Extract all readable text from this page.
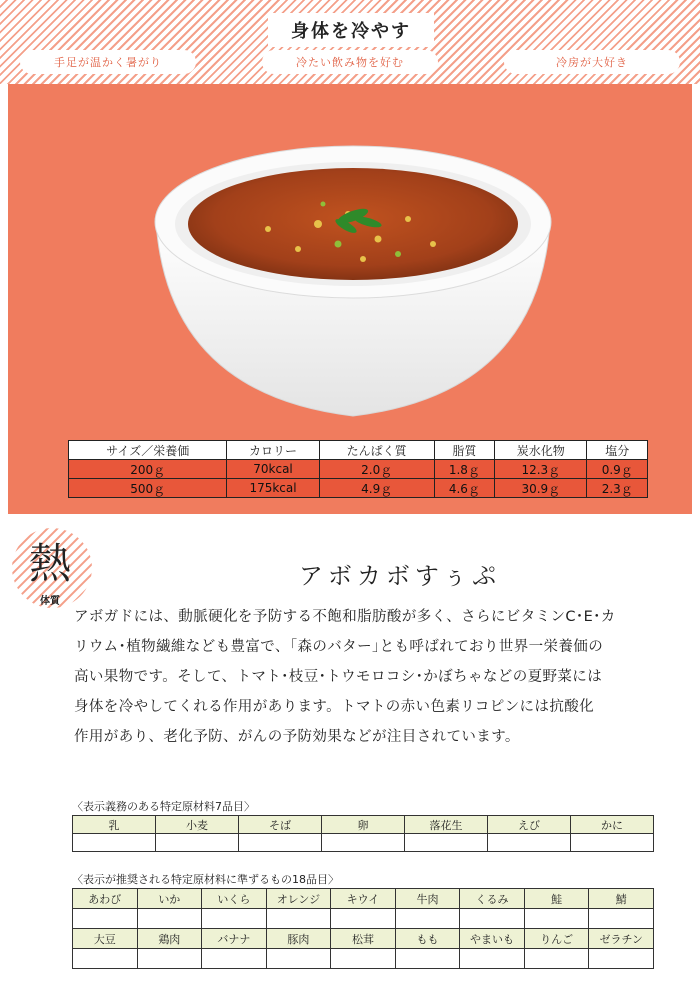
身体を冷やす
手足が温かく暑がり	冷たい飲み物を好む	冷房が大好き
サイズ／栄養価	カロリー	たんぱく質	脂質	炭水化物	塩分
200ｇ	70kcal	2.0ｇ	1.8ｇ	12.3ｇ	0.9ｇ
500ｇ	175kcal	4.9ｇ	4.6ｇ	30.9ｇ	2.3ｇ
熱
体質
アボカボすぅぷ
アボガドには、動脈硬化を予防する不飽和脂肪酸が多く、さらにビタミンC･E･カ
リウム･植物繊維なども豊富で、｢森のバター｣とも呼ばれており世界一栄養価の
高い果物です。そして、トマト･枝豆･トウモロコシ･かぼちゃなどの夏野菜には
身体を冷やしてくれる作用があります。トマトの赤い色素リコピンには抗酸化
作用があり、老化予防、がんの予防効果などが注目されています。
〈表示義務のある特定原材料7品目〉
乳	小麦	そば	卵	落花生	えび	かに

〈表示が推奨される特定原材料に準ずるもの18品目〉
あわび	いか	いくら	オレンジ	キウイ	牛肉	くるみ	鮭	鯖

大豆	鶏肉	バナナ	豚肉	松茸	もも	やまいも	りんご	ゼラチン
